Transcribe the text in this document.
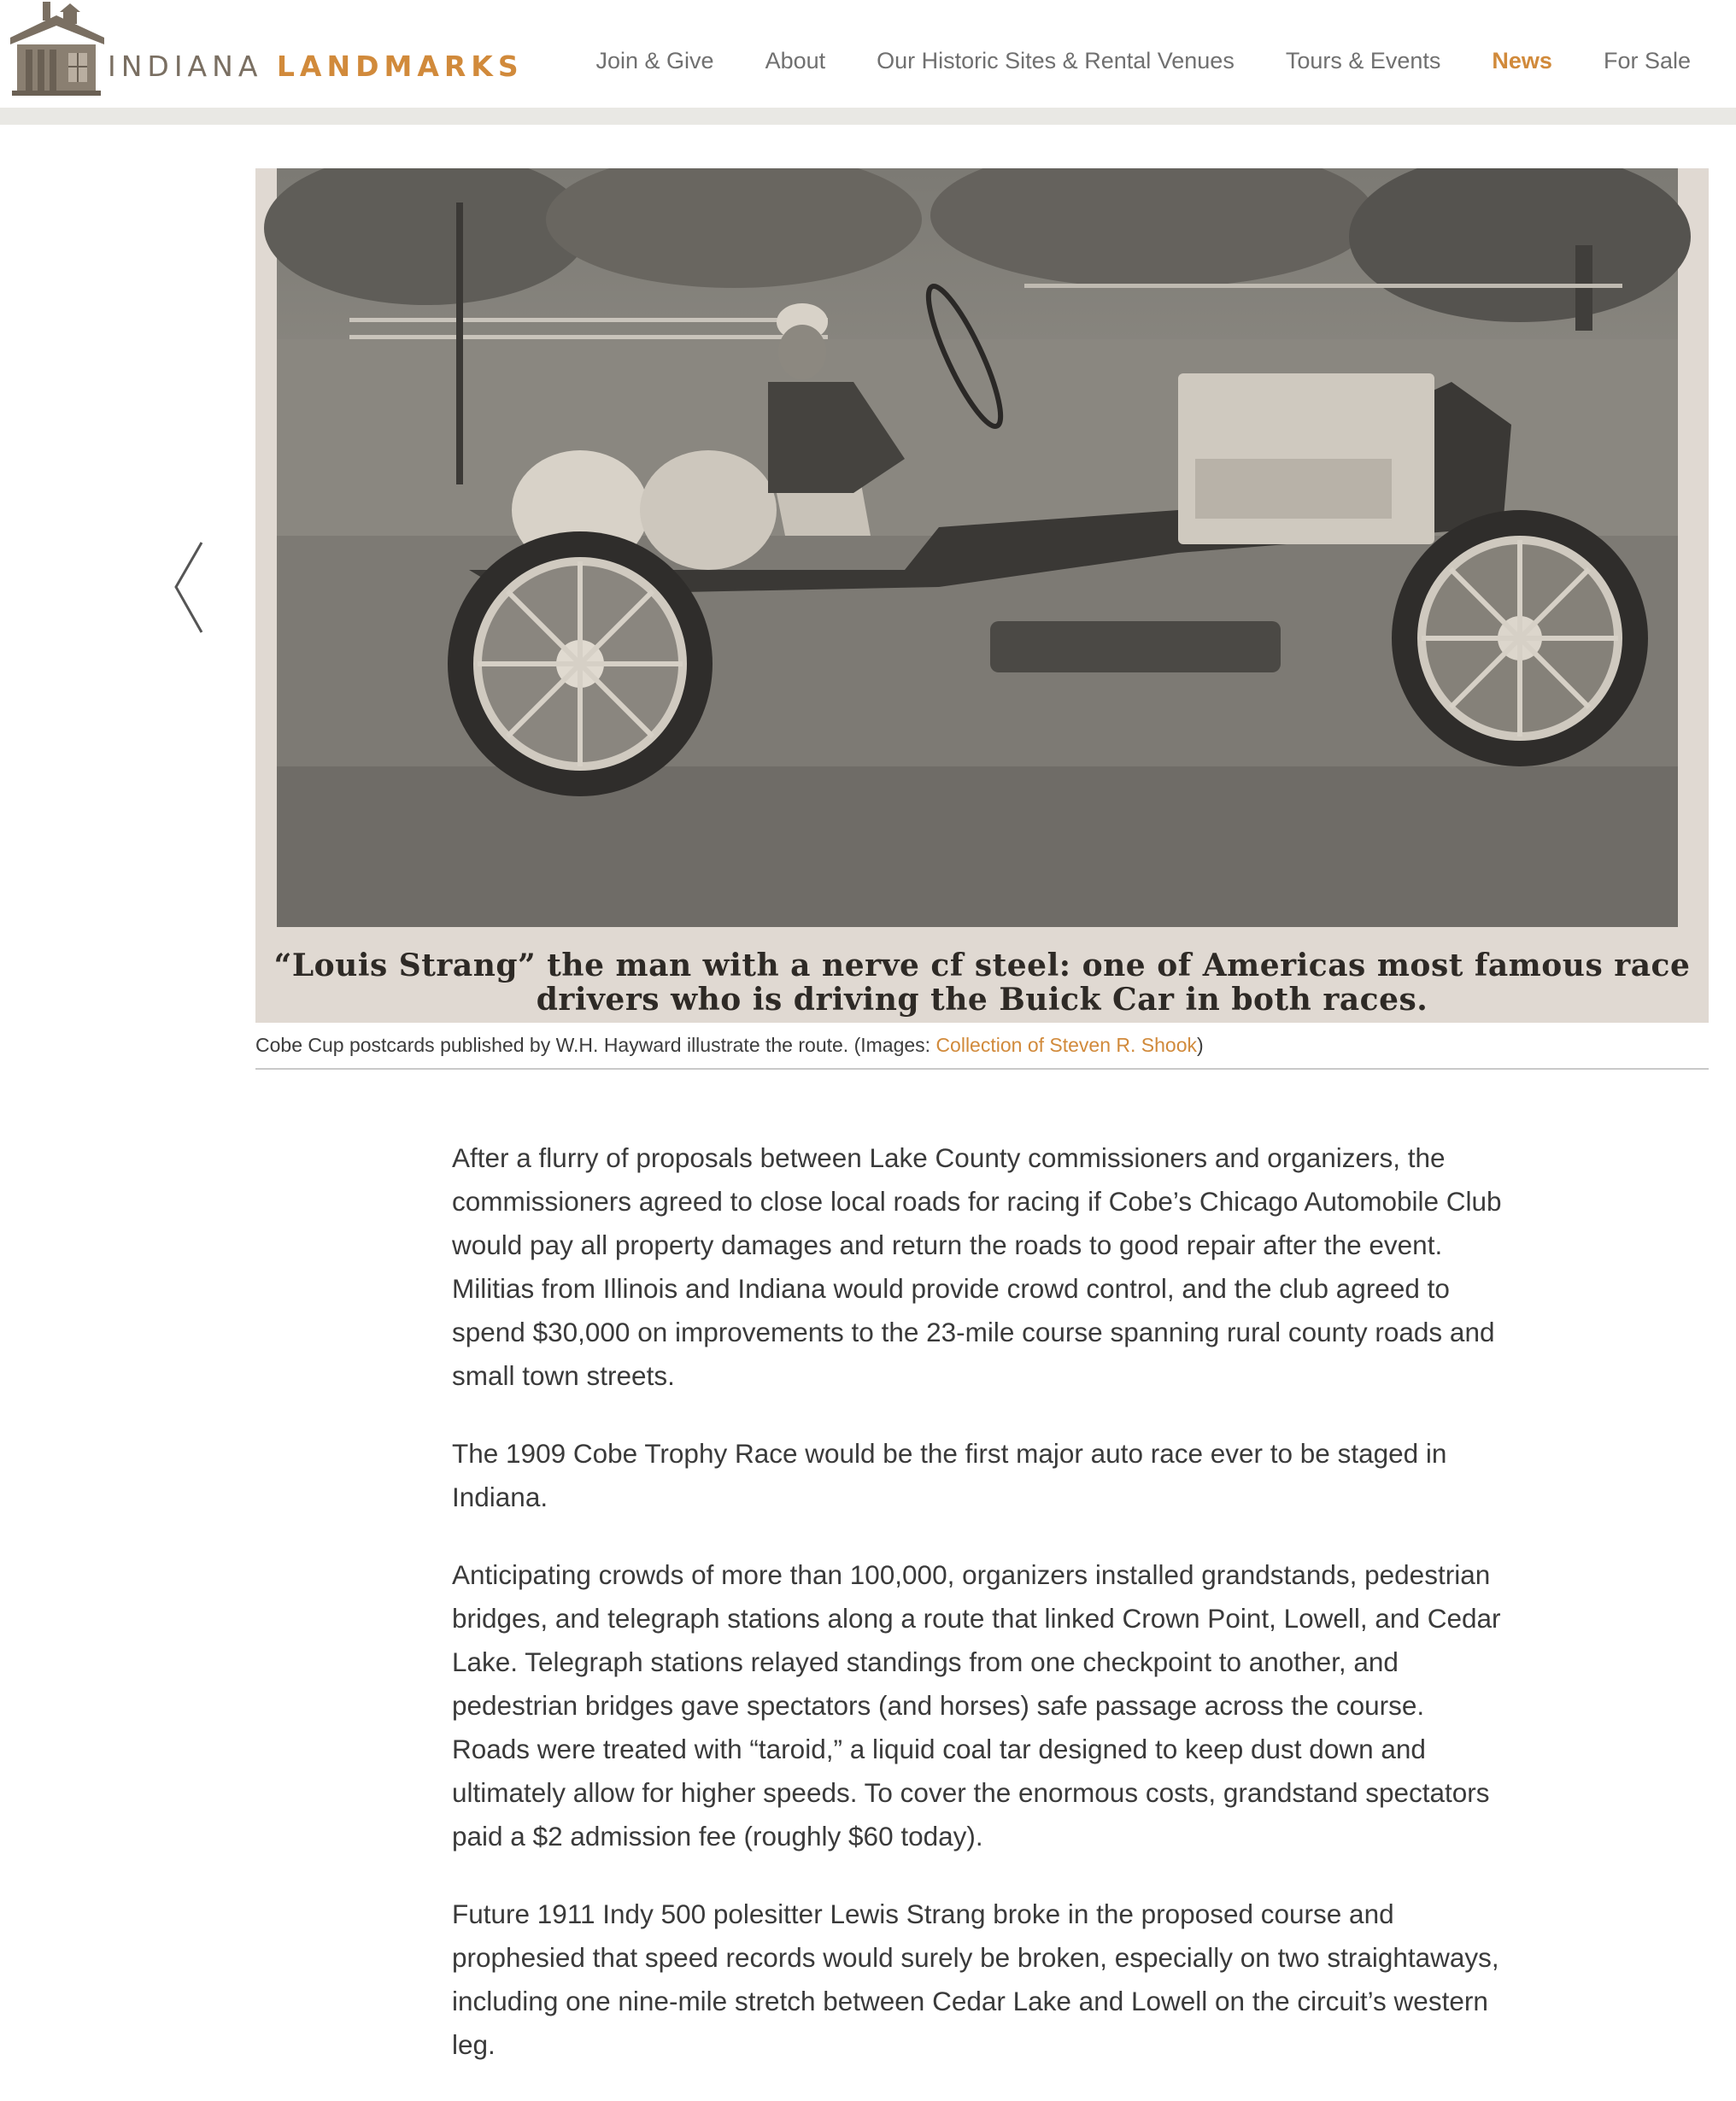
INDIANA LANDMARKS	Join & Give About Our Historic Sites & Rental Venues Tours & Events News For Sale
“Louis Strang” the man with a nerve cf steel: one of Americas most famous race
drivers who is driving the Buick Car in both races.
Cobe Cup postcards published by W.H. Hayward illustrate the route. (Images: Collection of Steven R. Shook)

After a flurry of proposals between Lake County commissioners and organizers, the commissioners agreed to close local roads for racing if Cobe’s Chicago Automobile Club would pay all property damages and return the roads to good repair after the event. Militias from Illinois and Indiana would provide crowd control, and the club agreed to spend $30,000 on improvements to the 23-mile course spanning rural county roads and small town streets.

The 1909 Cobe Trophy Race would be the first major auto race ever to be staged in Indiana.

Anticipating crowds of more than 100,000, organizers installed grandstands, pedestrian bridges, and telegraph stations along a route that linked Crown Point, Lowell, and Cedar Lake. Telegraph stations relayed standings from one checkpoint to another, and pedestrian bridges gave spectators (and horses) safe passage across the course. Roads were treated with “taroid,” a liquid coal tar designed to keep dust down and ultimately allow for higher speeds. To cover the enormous costs, grandstand spectators paid a $2 admission fee (roughly $60 today).

Future 1911 Indy 500 polesitter Lewis Strang broke in the proposed course and prophesied that speed records would surely be broken, especially on two straightaways, including one nine-mile stretch between Cedar Lake and Lowell on the circuit’s western leg.
